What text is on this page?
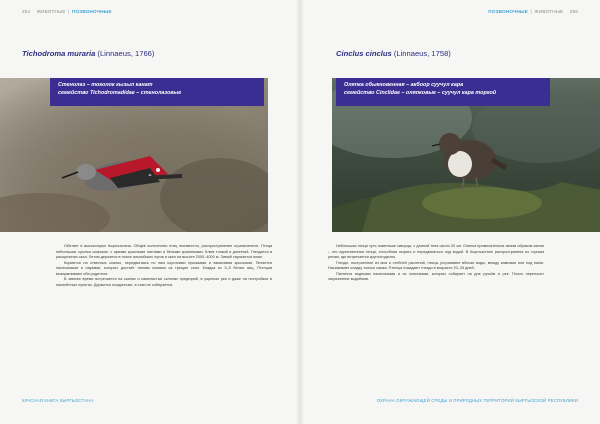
254 ЖИВОТНЫЕ | ПОЗВОНОЧНЫЕ
Tichodroma muraria (Linnaeus, 1766)
Стенолаз – тоголок кызыл канат
семейство Tichodromadidae – стенолазовые

Обитает в высокогорье Кыргызстана. Общее количество птиц неизвестно, распространение ограниченное. Птица небольшая, крылья широкие, с яркими красными пятнами и белыми крапинками. Клюв тонкий и длинный. Гнездится в расщелинах скал. Летом держится в поясе альпийских лугов и скал на высоте 2000–4000 м. Зимой спускается ниже.

Кормится на отвесных скалах, передвигаясь по ним короткими прыжками и взмахивая крыльями. Питается насекомыми и пауками, которых достаёт тонким клювом из трещин скал. Кладка из 3–5 белых яиц. Птенцов выкармливают оба родителя.

В зимнее время встречается на скалах и каменистых склонах предгорий, в ущельях рек и даже на постройках в населённых пунктах. Держится поодиночке, в стаи не собирается.

КРАСНАЯ КНИГА КЫРГЫЗСТАНА
ПОЗВОНОЧНЫЕ | ЖИВОТНЫЕ 255
Cinclus cinclus (Linnaeus, 1758)
Оляпка обыкновенная – акбоор суучул кара
семейство Cinclidae – оляпковые – суучул кара торгой

Небольшая птица чуть поменьше скворца, с длиной тела около 20 см. Оляпка примечательна своим образом жизни – это единственная птица, способная нырять и передвигаться под водой. В Кыргызстане распространена по горным рекам, где встречается круглогодично.

Гнездо, построенное из мха и стеблей растений, птицы устраивают вблизи воды, между камнями или под ними. Насиживает кладку только самка. Птенцы покидают гнездо в возрасте 20–25 дней.

Питается водными насекомыми и их личинками, которых собирает на дне ручьёв и рек. Плохо переносит загрязнение водоёмов.

ОХРАНА ОКРУЖАЮЩЕЙ СРЕДЫ И ПРИРОДНЫХ ТЕРРИТОРИЙ КЫРГЫЗСКОЙ РЕСПУБЛИКИ
